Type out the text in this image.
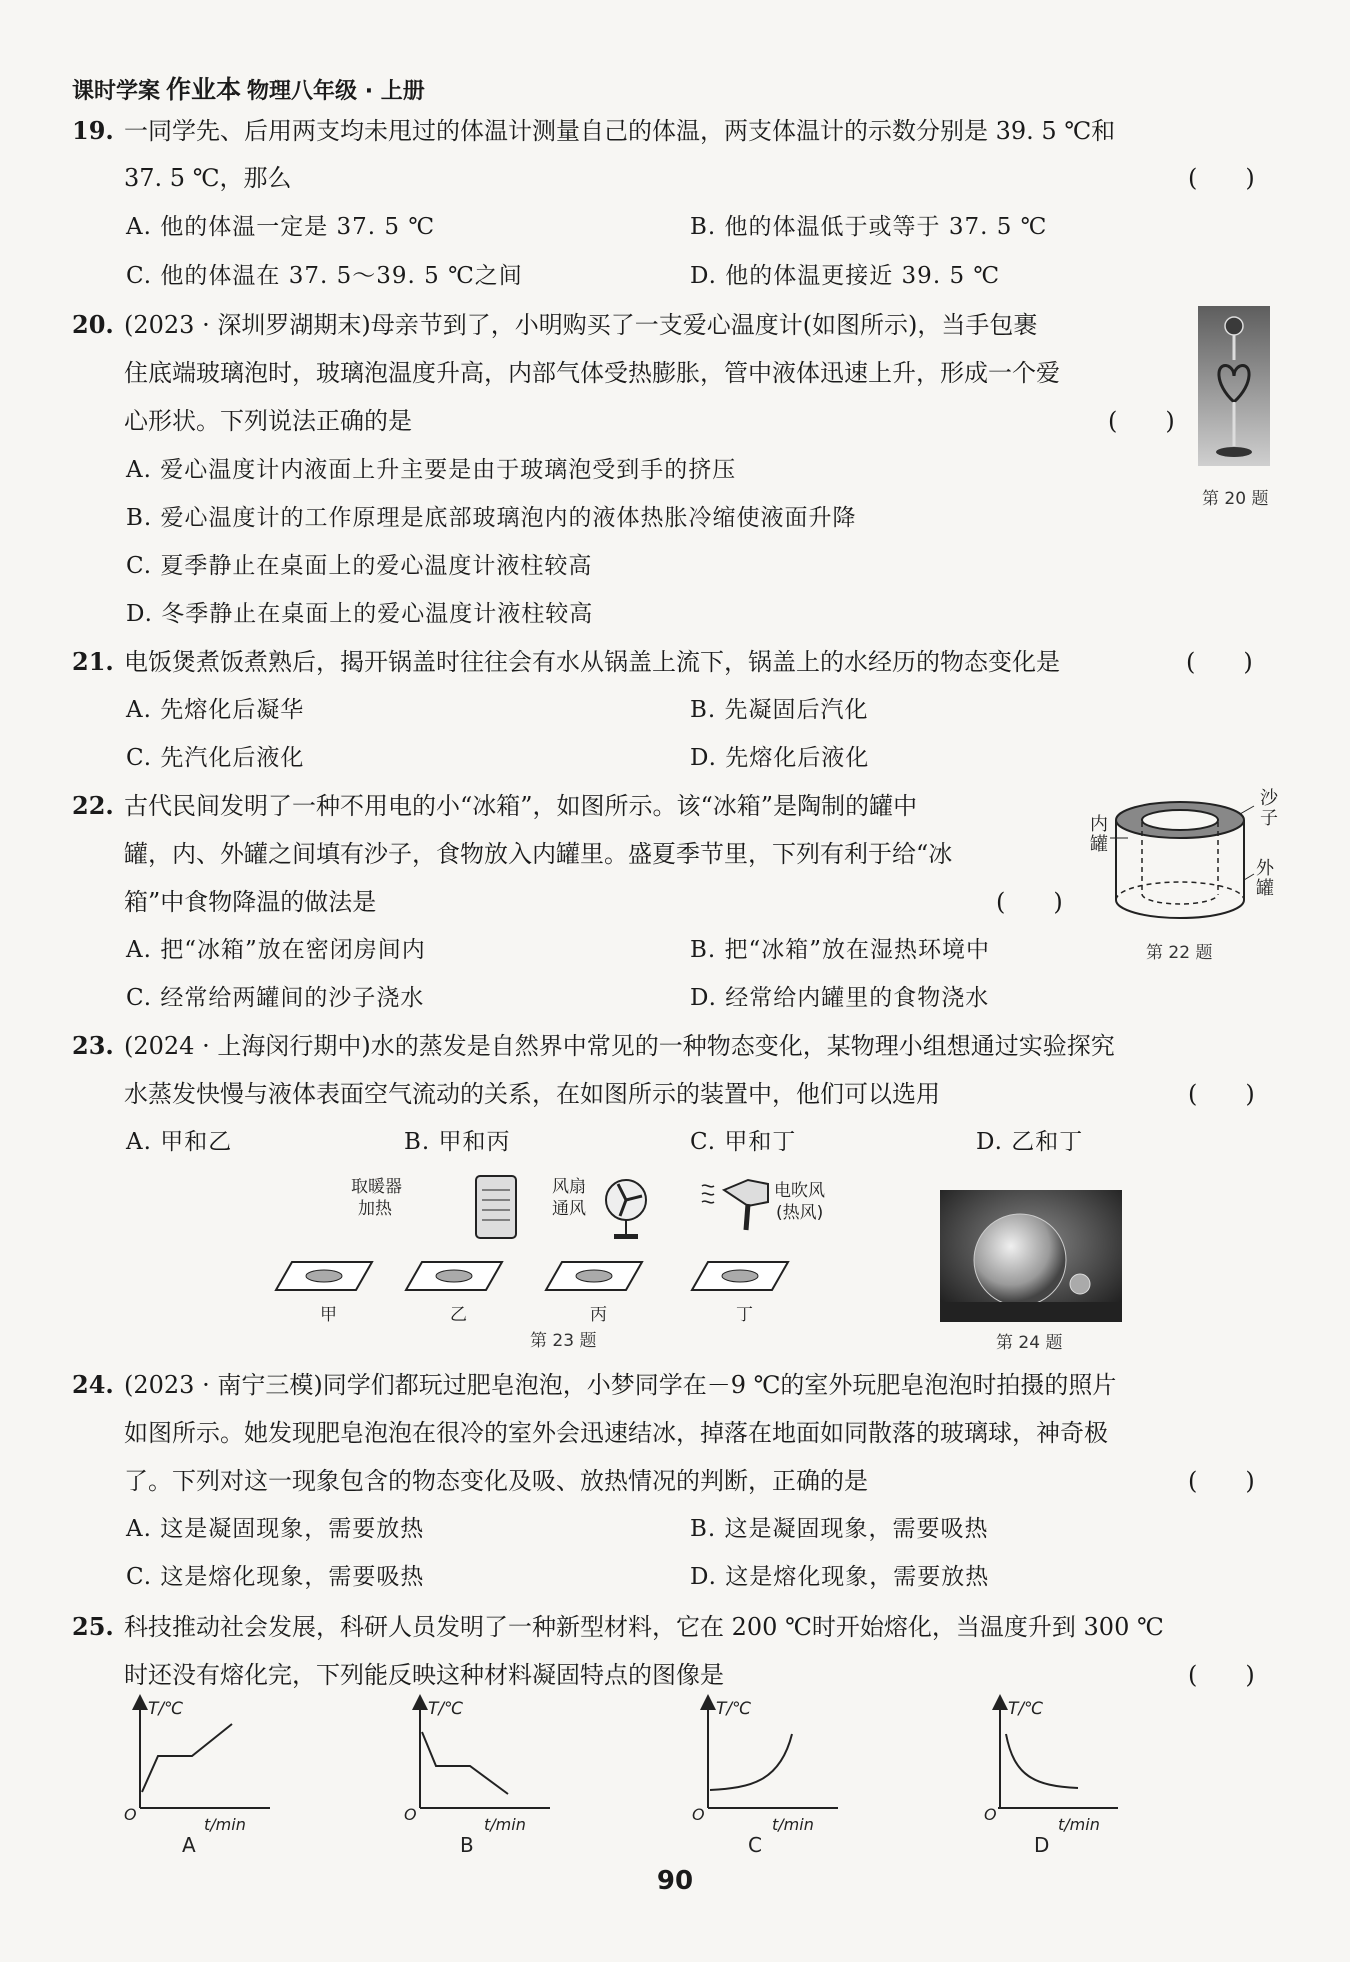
课时学案 作业本 物理八年级 · 上册
19. 一同学先、后用两支均未甩过的体温计测量自己的体温，两支体温计的示数分别是 39. 5 ℃和
37. 5 ℃，那么	(　　)
A. 他的体温一定是 37. 5 ℃	B. 他的体温低于或等于 37. 5 ℃
C. 他的体温在 37. 5～39. 5 ℃之间	D. 他的体温更接近 39. 5 ℃
20. (2023 · 深圳罗湖期末)母亲节到了，小明购买了一支爱心温度计(如图所示)，当手包裹
住底端玻璃泡时，玻璃泡温度升高，内部气体受热膨胀，管中液体迅速上升，形成一个爱
心形状。下列说法正确的是	(　　)
A. 爱心温度计内液面上升主要是由于玻璃泡受到手的挤压
B. 爱心温度计的工作原理是底部玻璃泡内的液体热胀冷缩使液面升降
C. 夏季静止在桌面上的爱心温度计液柱较高
D. 冬季静止在桌面上的爱心温度计液柱较高
第 20 题
21. 电饭煲煮饭煮熟后，揭开锅盖时往往会有水从锅盖上流下，锅盖上的水经历的物态变化是	(　　)
A. 先熔化后凝华	B. 先凝固后汽化
C. 先汽化后液化	D. 先熔化后液化
22. 古代民间发明了一种不用电的小“冰箱”，如图所示。该“冰箱”是陶制的罐中
罐，内、外罐之间填有沙子，食物放入内罐里。盛夏季节里，下列有利于给“冰
箱”中食物降温的做法是	(　　)
A. 把“冰箱”放在密闭房间内	B. 把“冰箱”放在湿热环境中
C. 经常给两罐间的沙子浇水	D. 经常给内罐里的食物浇水
沙
子
内
罐
外
罐
第 22 题
23. (2024 · 上海闵行期中)水的蒸发是自然界中常见的一种物态变化，某物理小组想通过实验探究
水蒸发快慢与液体表面空气流动的关系，在如图所示的装置中，他们可以选用	(　　)
A. 甲和乙	B. 甲和丙	C. 甲和丁	D. 乙和丁
取暖器
加热
风扇
通风
电吹风
(热风)
甲	乙	丙	丁
第 23 题	第 24 题
24. (2023 · 南宁三模)同学们都玩过肥皂泡泡，小梦同学在－9 ℃的室外玩肥皂泡泡时拍摄的照片
如图所示。她发现肥皂泡泡在很冷的室外会迅速结冰，掉落在地面如同散落的玻璃球，神奇极
了。下列对这一现象包含的物态变化及吸、放热情况的判断，正确的是	(　　)
A. 这是凝固现象，需要放热	B. 这是凝固现象，需要吸热
C. 这是熔化现象，需要吸热	D. 这是熔化现象，需要放热
25. 科技推动社会发展，科研人员发明了一种新型材料，它在 200 ℃时开始熔化，当温度升到 300 ℃
时还没有熔化完，下列能反映这种材料凝固特点的图像是	(　　)
T/℃
t/min
O
A
T/℃
t/min
O
B
T/℃
t/min
O
C
T/℃
t/min
O
D
90
